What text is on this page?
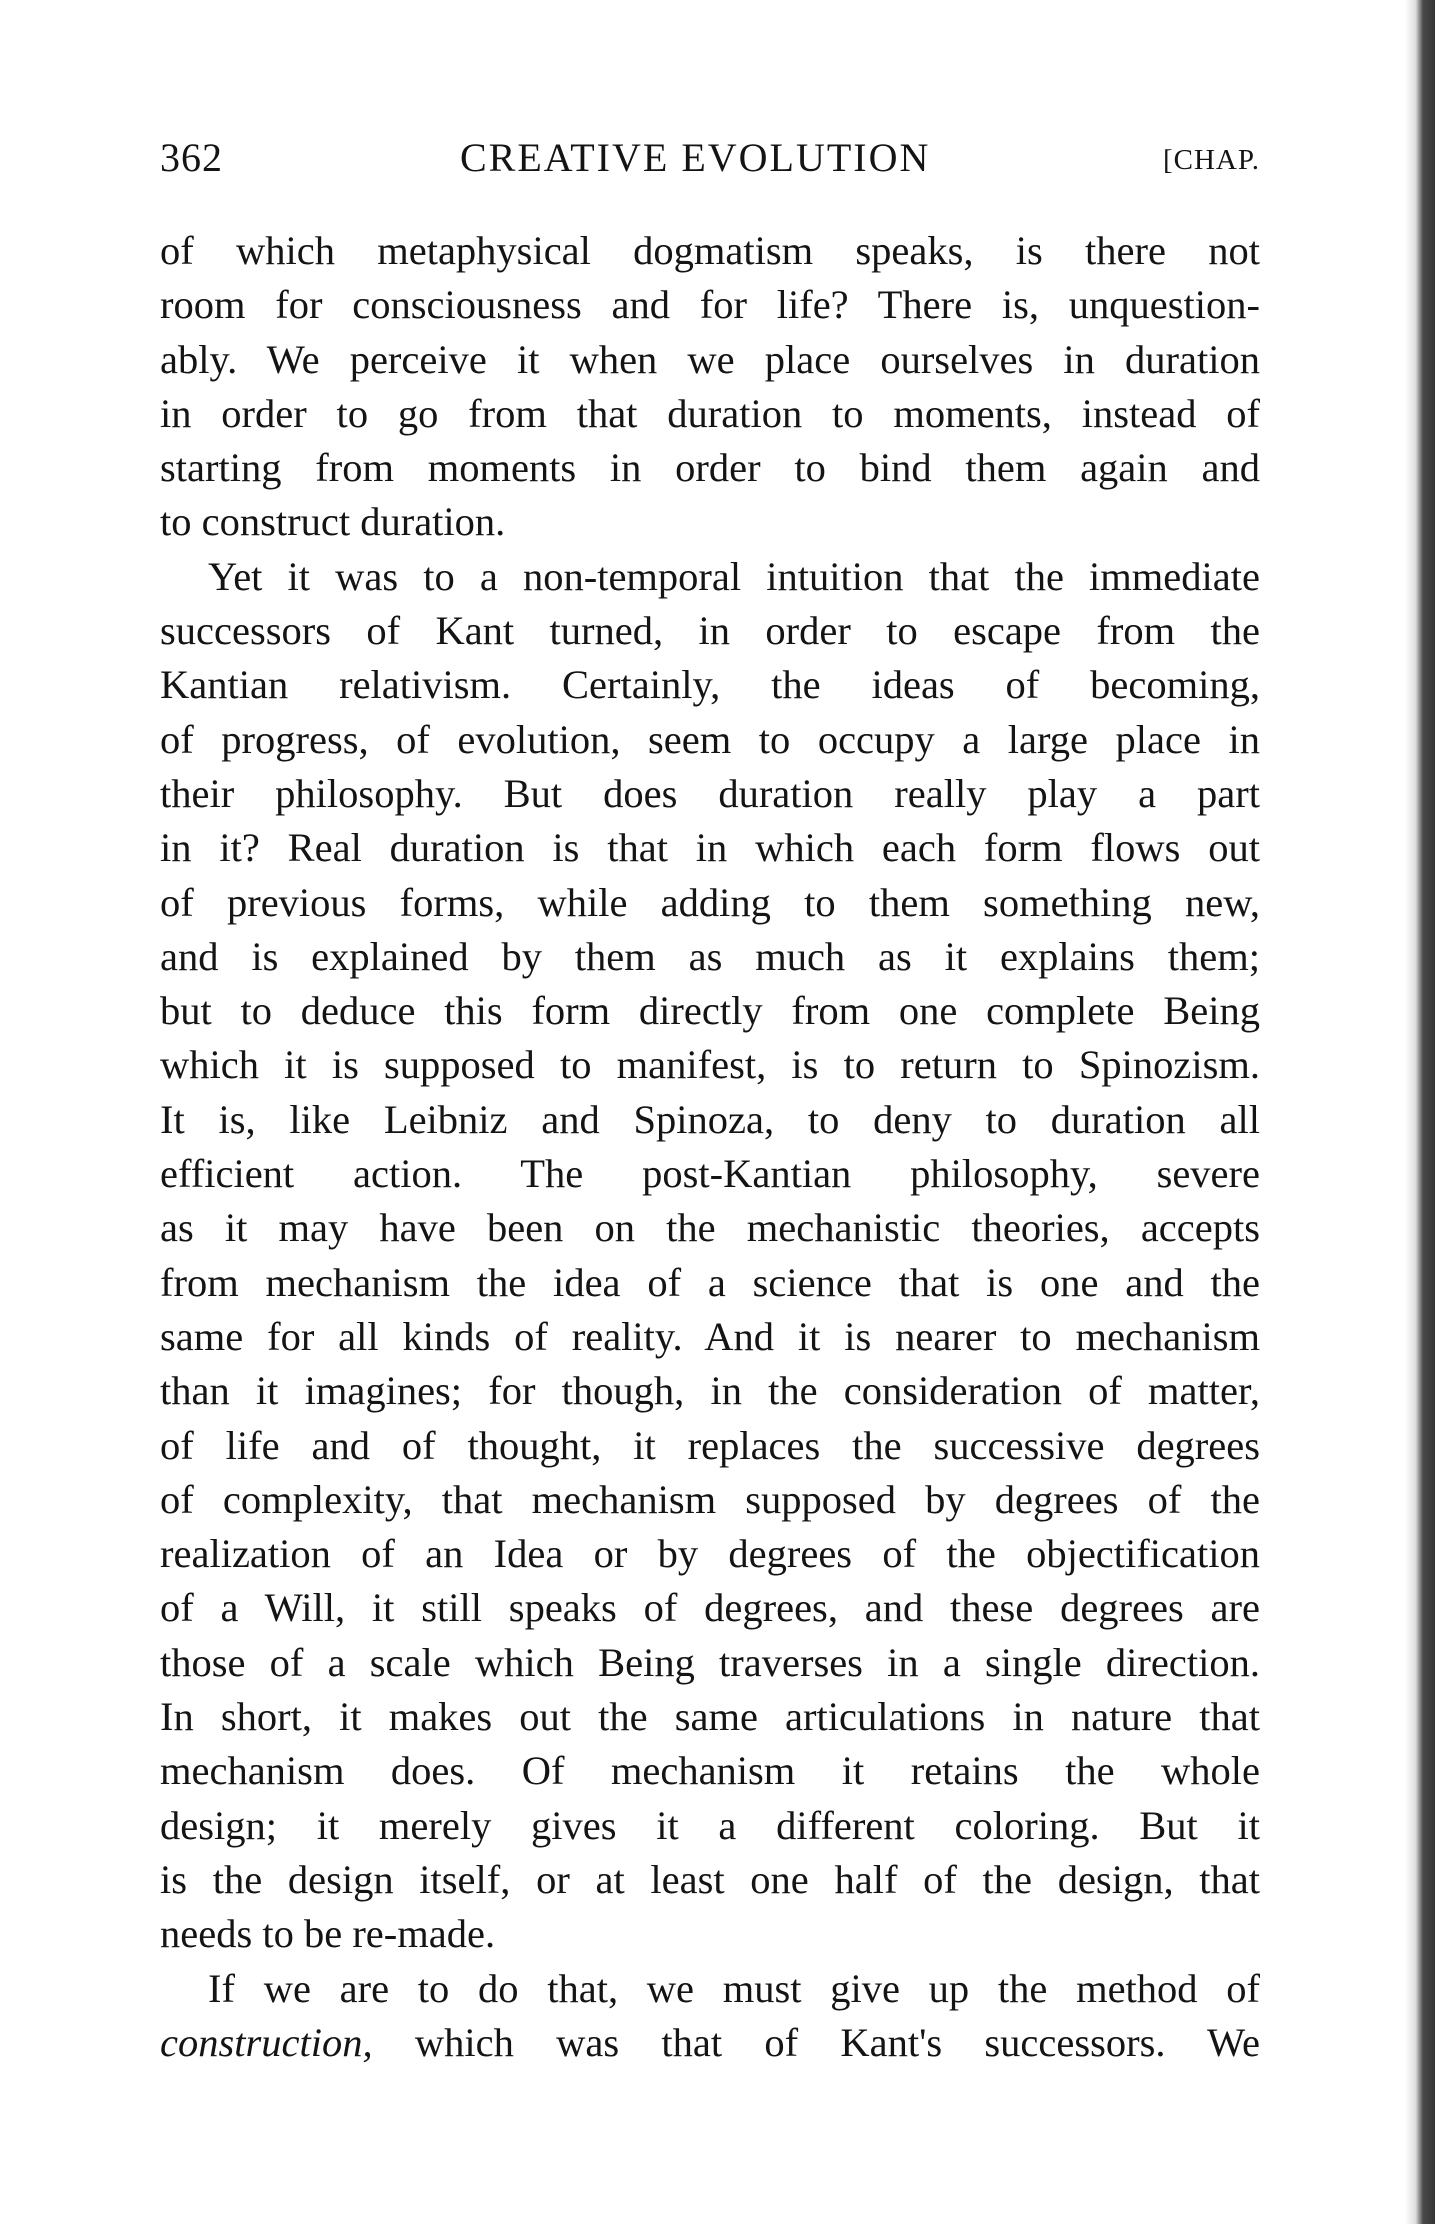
362	CREATIVE EVOLUTION	[CHAP.
of which metaphysical dogmatism speaks, is there not
room for consciousness and for life? There is, unquestion-
ably. We perceive it when we place ourselves in duration
in order to go from that duration to moments, instead of
starting from moments in order to bind them again and
to construct duration.
Yet it was to a non-temporal intuition that the immediate
successors of Kant turned, in order to escape from the
Kantian relativism. Certainly, the ideas of becoming,
of progress, of evolution, seem to occupy a large place in
their philosophy. But does duration really play a part
in it? Real duration is that in which each form flows out
of previous forms, while adding to them something new,
and is explained by them as much as it explains them;
but to deduce this form directly from one complete Being
which it is supposed to manifest, is to return to Spinozism.
It is, like Leibniz and Spinoza, to deny to duration all
efficient action. The post-Kantian philosophy, severe
as it may have been on the mechanistic theories, accepts
from mechanism the idea of a science that is one and the
same for all kinds of reality. And it is nearer to mechanism
than it imagines; for though, in the consideration of matter,
of life and of thought, it replaces the successive degrees
of complexity, that mechanism supposed by degrees of the
realization of an Idea or by degrees of the objectification
of a Will, it still speaks of degrees, and these degrees are
those of a scale which Being traverses in a single direction.
In short, it makes out the same articulations in nature that
mechanism does. Of mechanism it retains the whole
design; it merely gives it a different coloring. But it
is the design itself, or at least one half of the design, that
needs to be re-made.
If we are to do that, we must give up the method of
construction, which was that of Kant's successors. We
